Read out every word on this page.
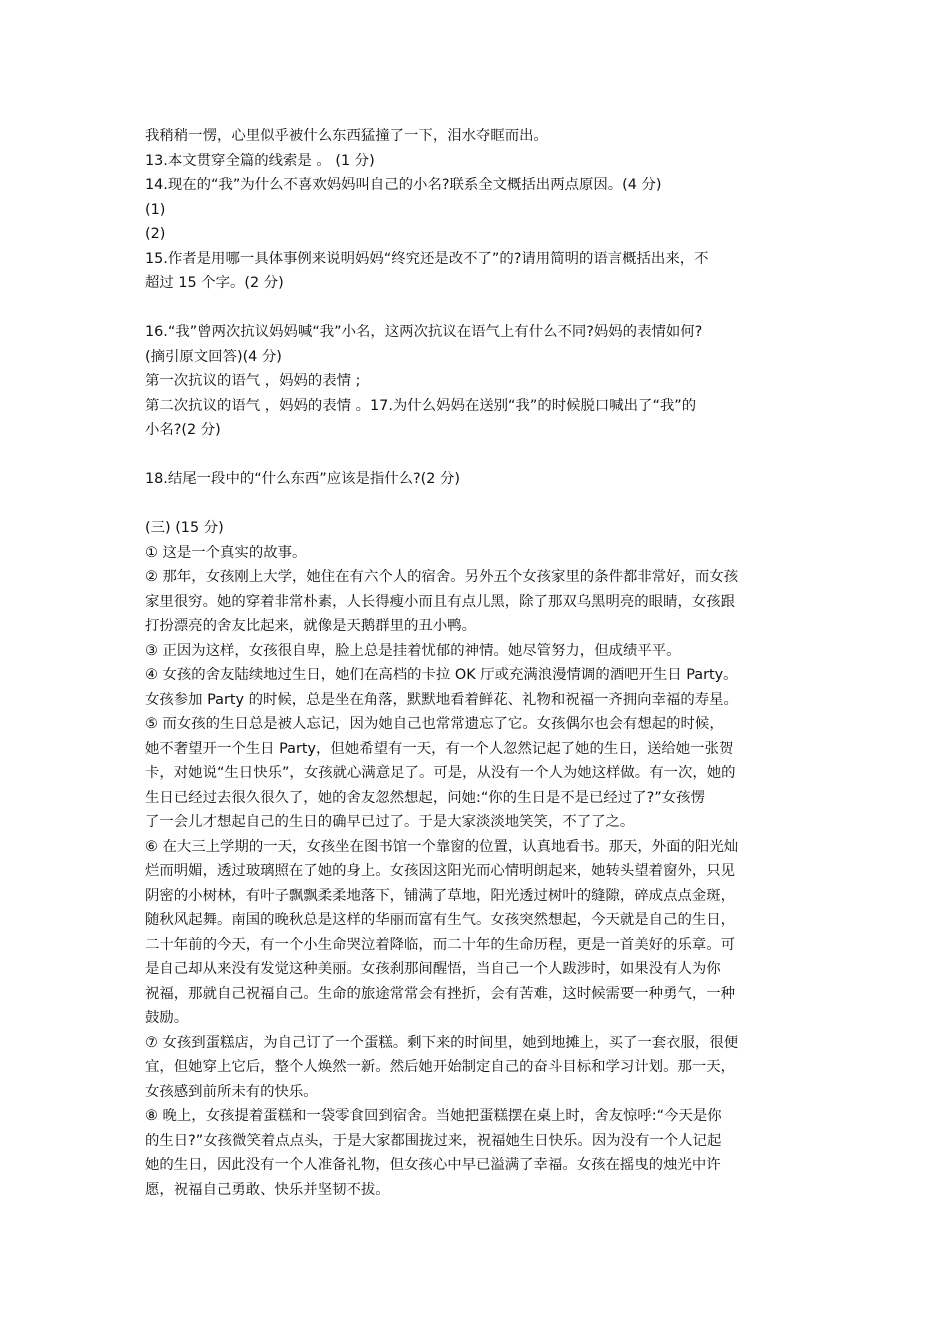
我稍稍一愣，心里似乎被什么东西猛撞了一下，泪水夺眶而出。
13.本文贯穿全篇的线索是 。 (1 分)
14.现在的“我”为什么不喜欢妈妈叫自己的小名?联系全文概括出两点原因。(4 分)
(1)
(2)
15.作者是用哪一具体事例来说明妈妈“终究还是改不了”的?请用简明的语言概括出来，不
超过 15 个字。(2 分)
16.“我”曾两次抗议妈妈喊“我”小名，这两次抗议在语气上有什么不同?妈妈的表情如何?
(摘引原文回答)(4 分)
第一次抗议的语气 ，妈妈的表情 ;
第二次抗议的语气 ，妈妈的表情 。17.为什么妈妈在送别“我”的时候脱口喊出了“我”的
小名?(2 分)
18.结尾一段中的“什么东西”应该是指什么?(2 分)
(三) (15 分)
① 这是一个真实的故事。
② 那年，女孩刚上大学，她住在有六个人的宿舍。另外五个女孩家里的条件都非常好，而女孩
家里很穷。她的穿着非常朴素，人长得瘦小而且有点儿黑，除了那双乌黑明亮的眼睛，女孩跟
打扮漂亮的舍友比起来，就像是天鹅群里的丑小鸭。
③ 正因为这样，女孩很自卑，脸上总是挂着忧郁的神情。她尽管努力，但成绩平平。
④ 女孩的舍友陆续地过生日，她们在高档的卡拉 OK 厅或充满浪漫情调的酒吧开生日 Party。
女孩参加 Party 的时候，总是坐在角落，默默地看着鲜花、礼物和祝福一齐拥向幸福的寿星。
⑤ 而女孩的生日总是被人忘记，因为她自己也常常遗忘了它。女孩偶尔也会有想起的时候，
她不奢望开一个生日 Party，但她希望有一天，有一个人忽然记起了她的生日，送给她一张贺
卡，对她说“生日快乐”，女孩就心满意足了。可是，从没有一个人为她这样做。有一次，她的
生日已经过去很久很久了，她的舍友忽然想起，问她:“你的生日是不是已经过了?”女孩愣
了一会儿才想起自己的生日的确早已过了。于是大家淡淡地笑笑，不了了之。
⑥ 在大三上学期的一天，女孩坐在图书馆一个靠窗的位置，认真地看书。那天，外面的阳光灿
烂而明媚，透过玻璃照在了她的身上。女孩因这阳光而心情明朗起来，她转头望着窗外，只见
阴密的小树林，有叶子飘飘柔柔地落下，铺满了草地，阳光透过树叶的缝隙，碎成点点金斑，
随秋风起舞。南国的晚秋总是这样的华丽而富有生气。女孩突然想起，今天就是自己的生日，
二十年前的今天，有一个小生命哭泣着降临，而二十年的生命历程，更是一首美好的乐章。可
是自己却从来没有发觉这种美丽。女孩刹那间醒悟，当自己一个人跋涉时，如果没有人为你
祝福，那就自己祝福自己。生命的旅途常常会有挫折，会有苦难，这时候需要一种勇气，一种
鼓励。
⑦ 女孩到蛋糕店，为自己订了一个蛋糕。剩下来的时间里，她到地摊上，买了一套衣服，很便
宜，但她穿上它后，整个人焕然一新。然后她开始制定自己的奋斗目标和学习计划。那一天，
女孩感到前所未有的快乐。
⑧ 晚上，女孩提着蛋糕和一袋零食回到宿舍。当她把蛋糕摆在桌上时，舍友惊呼:“今天是你
的生日?”女孩微笑着点点头，于是大家都围拢过来，祝福她生日快乐。因为没有一个人记起
她的生日，因此没有一个人准备礼物，但女孩心中早已溢满了幸福。女孩在摇曳的烛光中许
愿，祝福自己勇敢、快乐并坚韧不拔。
